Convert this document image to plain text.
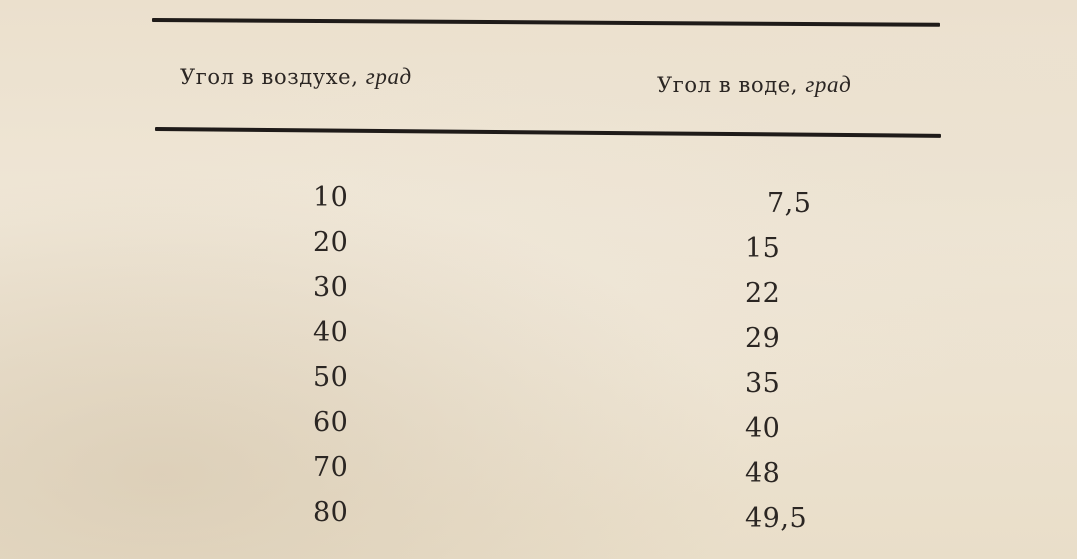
Угол в воздухе, град	Угол в воде, град
10
20
30
40
50
60
70
80
7,5
15
22
29
35
40
48
49,5
